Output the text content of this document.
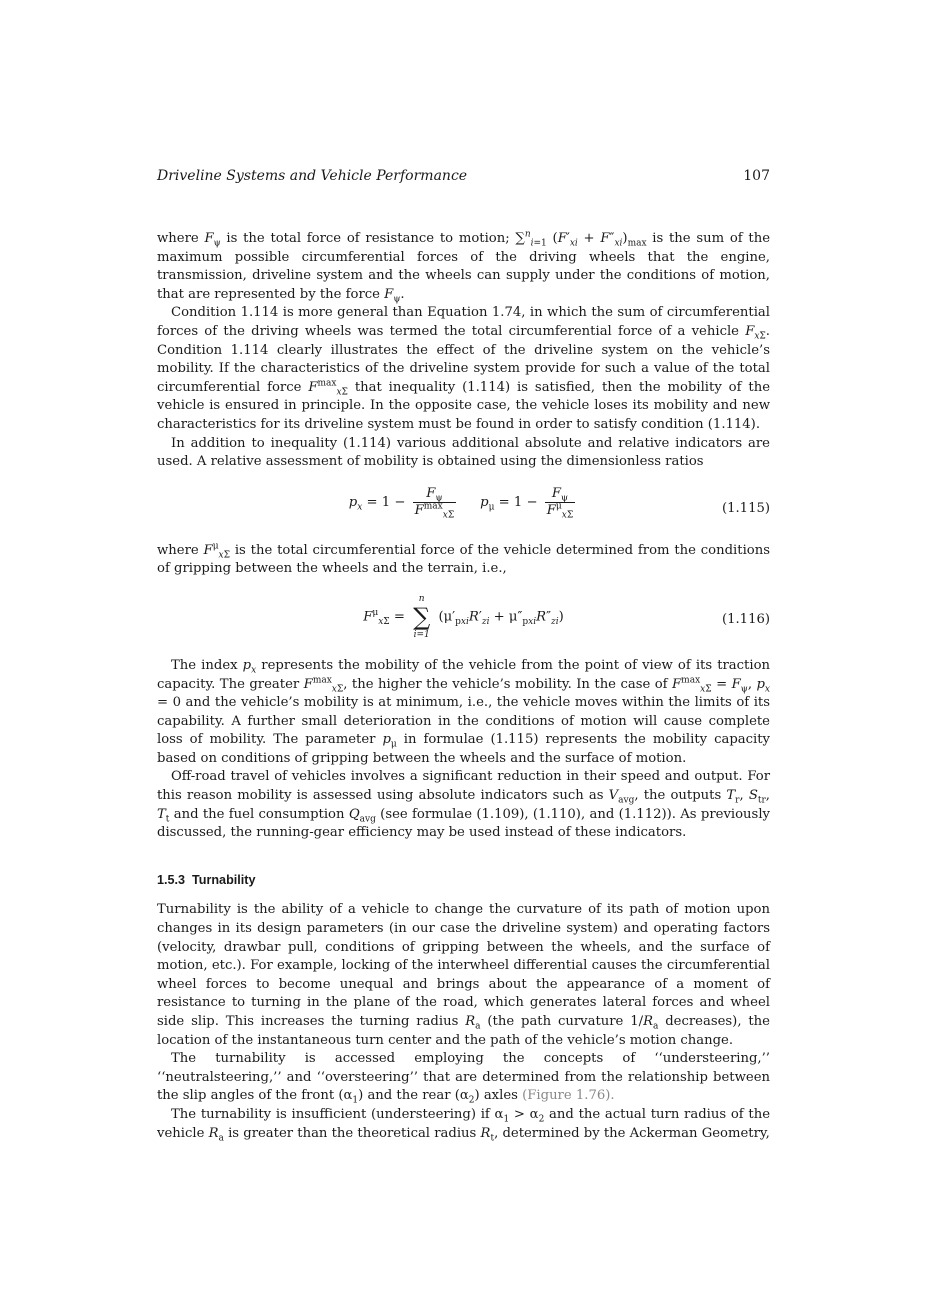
Driveline Systems and Vehicle Performance	107

where $F_\psi$ is the total force of resistance to motion; ∑$^n_{i=1}$ $(F'_{xi} + F''_{xi})_{max}$ is the sum of the maximum possible circumferential forces of the driving wheels that the engine, transmission, driveline system and the wheels can supply under the conditions of motion, that are represented by the force $F_\psi$.

Condition 1.114 is more general than Equation 1.74, in which the sum of circumferential forces of the driving wheels was termed the total circumferential force of a vehicle $F_{x\Sigma}$. Condition 1.114 clearly illustrates the effect of the driveline system on the vehicle’s mobility. If the characteristics of the driveline system provide for such a value of the total circumferential force $F^{max}_{x\Sigma}$ that inequality (1.114) is satisfied, then the mobility of the vehicle is ensured in principle. In the opposite case, the vehicle loses its mobility and new characteristics for its driveline system must be found in order to satisfy condition (1.114).

In addition to inequality (1.114) various additional absolute and relative indicators are used. A relative assessment of mobility is obtained using the dimensionless ratios

$p_x = 1 - \frac{F_\psi}{F^{max}_{x\Sigma}} p_\mu = 1 - \frac{F_\psi}{F^\mu_{x\Sigma}}$	(1.115)

where $F^\mu_{x\Sigma}$ is the total circumferential force of the vehicle determined from the conditions of gripping between the wheels and the terrain, i.e.,

$F^\mu_{x\Sigma}$ =
n
∑
i=1
$(\mu'_{pxi}R'_{zi} + \mu''_{pxi}R''_{zi})$	(1.116)

The index $p_x$ represents the mobility of the vehicle from the point of view of its traction capacity. The greater $F^{max}_{x\Sigma}$, the higher the vehicle’s mobility. In the case of $F^{max}_{x\Sigma} = F_\psi$, $p_x = 0$ and the vehicle’s mobility is at minimum, i.e., the vehicle moves within the limits of its capability. A further small deterioration in the conditions of motion will cause complete loss of mobility. The parameter $p_\mu$ in formulae (1.115) represents the mobility capacity based on conditions of gripping between the wheels and the surface of motion.

Off-road travel of vehicles involves a significant reduction in their speed and output. For this reason mobility is assessed using absolute indicators such as $V_{avg}$, the outputs $T_r$, $S_{tr}$, $T_t$ and the fuel consumption $Q_{avg}$ (see formulae (1.109), (1.110), and (1.112)). As previously discussed, the running-gear efficiency may be used instead of these indicators.

1.5.3 Turnability

Turnability is the ability of a vehicle to change the curvature of its path of motion upon changes in its design parameters (in our case the driveline system) and operating factors (velocity, drawbar pull, conditions of gripping between the wheels, and the surface of motion, etc.). For example, locking of the interwheel differential causes the circumferential wheel forces to become unequal and brings about the appearance of a moment of resistance to turning in the plane of the road, which generates lateral forces and wheel side slip. This increases the turning radius $R_a$ (the path curvature $1/R_a$ decreases), the location of the instantaneous turn center and the path of the vehicle’s motion change.

The turnability is accessed employing the concepts of ‘‘understeering,’’ ‘‘neutralsteering,’’ and ‘‘oversteering’’ that are determined from the relationship between the slip angles of the front $(\alpha_1)$ and the rear $(\alpha_2)$ axles (Figure 1.76).

The turnability is insufficient (understeering) if $\alpha_1 > \alpha_2$ and the actual turn radius of the vehicle $R_a$ is greater than the theoretical radius $R_t$, determined by the Ackerman Geometry,
